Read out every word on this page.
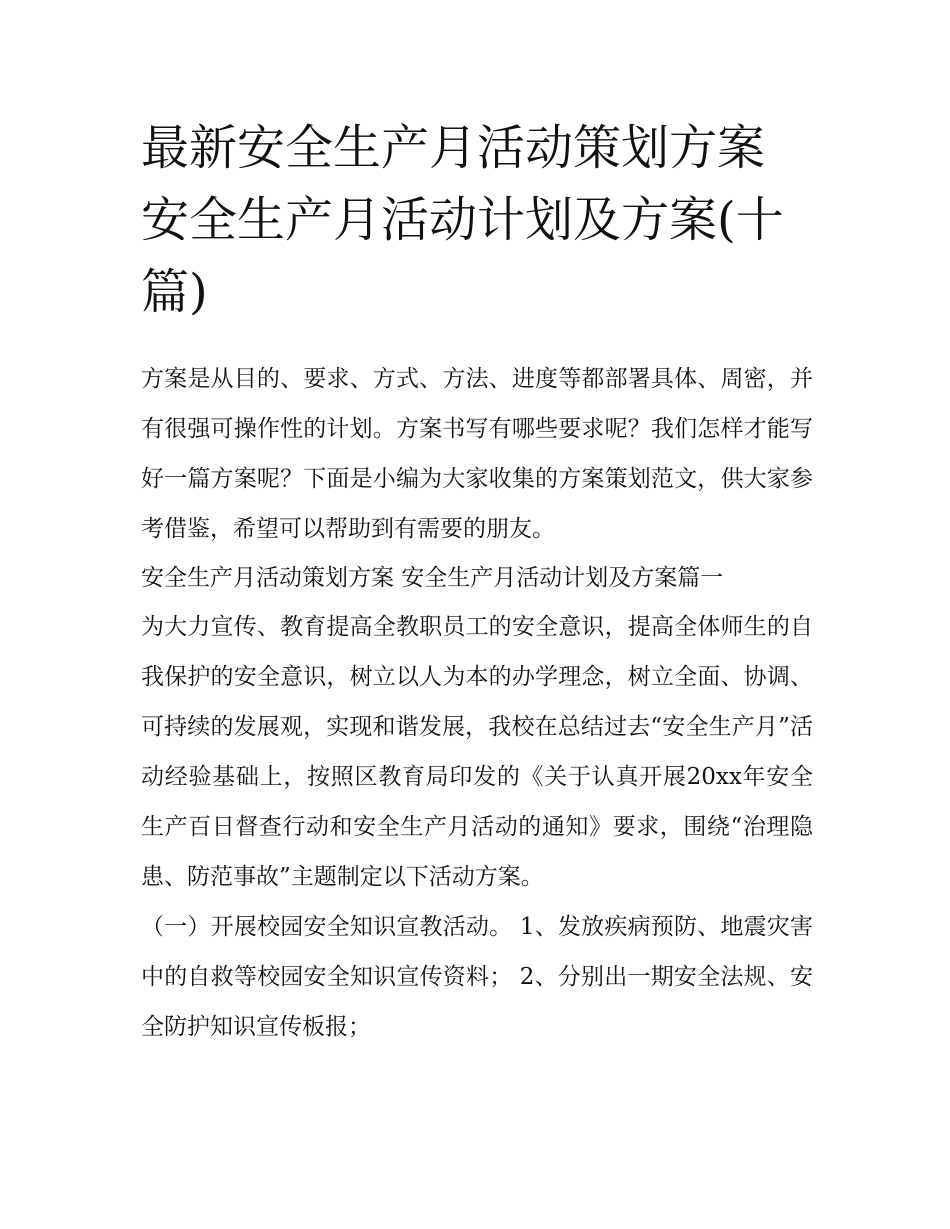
最新安全生产月活动策划方案 安全生产月活动计划及方案(十篇)

方案是从目的、要求、方式、方法、进度等都部署具体、周密，并有很强可操作性的计划。方案书写有哪些要求呢？我们怎样才能写好一篇方案呢？下面是小编为大家收集的方案策划范文，供大家参考借鉴，希望可以帮助到有需要的朋友。

安全生产月活动策划方案 安全生产月活动计划及方案篇一

为大力宣传、教育提高全教职员工的安全意识，提高全体师生的自我保护的安全意识，树立以人为本的办学理念，树立全面、协调、可持续的发展观，实现和谐发展，我校在总结过去“安全生产月”活动经验基础上，按照区教育局印发的《关于认真开展20xx年安全生产百日督查行动和安全生产月活动的通知》要求，围绕“治理隐患、防范事故”主题制定以下活动方案。

（一）开展校园安全知识宣教活动。 1、发放疾病预防、地震灾害中的自救等校园安全知识宣传资料； 2、分别出一期安全法规、安全防护知识宣传板报；
